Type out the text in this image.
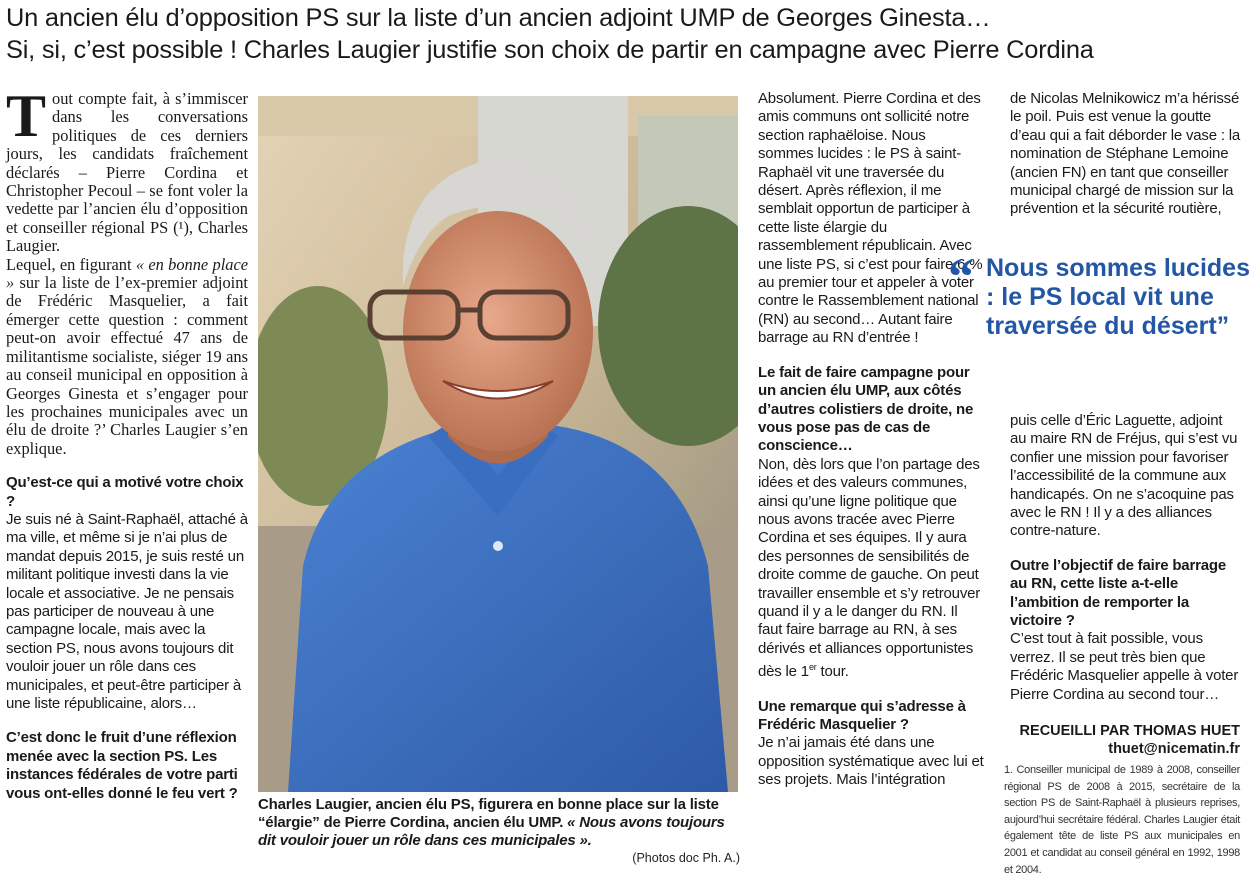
Un ancien élu d’opposition PS sur la liste d’un ancien adjoint UMP de Georges Ginesta…
Si, si, c’est possible ! Charles Laugier justifie son choix de partir en campagne avec Pierre Cordina
Tout compte fait, à s’immiscer dans les conversations politiques de ces derniers jours, les candidats fraîchement déclarés – Pierre Cordina et Christopher Pecoul – se font voler la vedette par l’ancien élu d’opposition et conseiller régional PS (¹), Charles Laugier.
Lequel, en figurant « en bonne place » sur la liste de l’ex-premier adjoint de Frédéric Masquelier, a fait émerger cette question : comment peut-on avoir effectué 47 ans de militantisme socialiste, siéger 19 ans au conseil municipal en opposition à Georges Ginesta et s’engager pour les prochaines municipales avec un élu de droite ?’ Charles Laugier s’en explique.

Qu’est-ce qui a motivé votre choix ?

Je suis né à Saint-Raphaël, attaché à ma ville, et même si je n’ai plus de mandat depuis 2015, je suis resté un militant politique investi dans la vie locale et associative. Je ne pensais pas participer de nouveau à une campagne locale, mais avec la section PS, nous avons toujours dit vouloir jouer un rôle dans ces municipales, et peut-être participer à une liste républicaine, alors…

C’est donc le fruit d’une réflexion menée avec la section PS. Les instances fédérales de votre parti vous ont-elles donné le feu vert ?

Charles Laugier, ancien élu PS, figurera en bonne place sur la liste “élargie” de Pierre Cordina, ancien élu UMP. « Nous avons toujours dit vouloir jouer un rôle dans ces municipales ».
(Photos doc Ph. A.)

Absolument. Pierre Cordina et des amis communs ont sollicité notre section raphaëloise. Nous sommes lucides : le PS à saint-Raphaël vit une traversée du désert. Après réflexion, il me semblait opportun de participer à cette liste élargie du rassemblement républicain. Avec une liste PS, si c’est pour faire 6 % au premier tour et appeler à voter contre le Rassemblement national (RN) au second… Autant faire barrage au RN d’entrée !

Le fait de faire campagne pour un ancien élu UMP, aux côtés d’autres colistiers de droite, ne vous pose pas de cas de conscience…

Non, dès lors que l’on partage des idées et des valeurs communes, ainsi qu’une ligne politique que nous avons tracée avec Pierre Cordina et ses équipes. Il y aura des personnes de sensibilités de droite comme de gauche. On peut travailler ensemble et s’y retrouver quand il y a le danger du RN. Il faut faire barrage au RN, à ses dérivés et alliances opportunistes dès le 1er tour.

Une remarque qui s’adresse à Frédéric Masquelier ?

Je n’ai jamais été dans une opposition systématique avec lui et ses projets. Mais l’intégration

de Nicolas Melnikowicz m’a hérissé le poil. Puis est venue la goutte d’eau qui a fait déborder le vase : la nomination de Stéphane Lemoine (ancien FN) en tant que conseiller municipal chargé de mission sur la prévention et la sécurité routière,

“ Nous sommes lucides : le PS local vit une traversée du désert”

puis celle d’Éric Laguette, adjoint au maire RN de Fréjus, qui s’est vu confier une mission pour favoriser l’accessibilité de la commune aux handicapés. On ne s’acoquine pas avec le RN ! Il y a des alliances contre-nature.

Outre l’objectif de faire barrage au RN, cette liste a-t-elle l’ambition de remporter la victoire ?

C’est tout à fait possible, vous verrez. Il se peut très bien que Frédéric Masquelier appelle à voter Pierre Cordina au second tour…

RECUEILLI PAR THOMAS HUET
thuet@nicematin.fr

1. Conseiller municipal de 1989 à 2008, conseiller régional PS de 2008 à 2015, secrétaire de la section PS de Saint-Raphaël à plusieurs reprises, aujourd’hui secrétaire fédéral. Charles Laugier était également tête de liste PS aux municipales en 2001 et candidat au conseil général en 1992, 1998 et 2004.
